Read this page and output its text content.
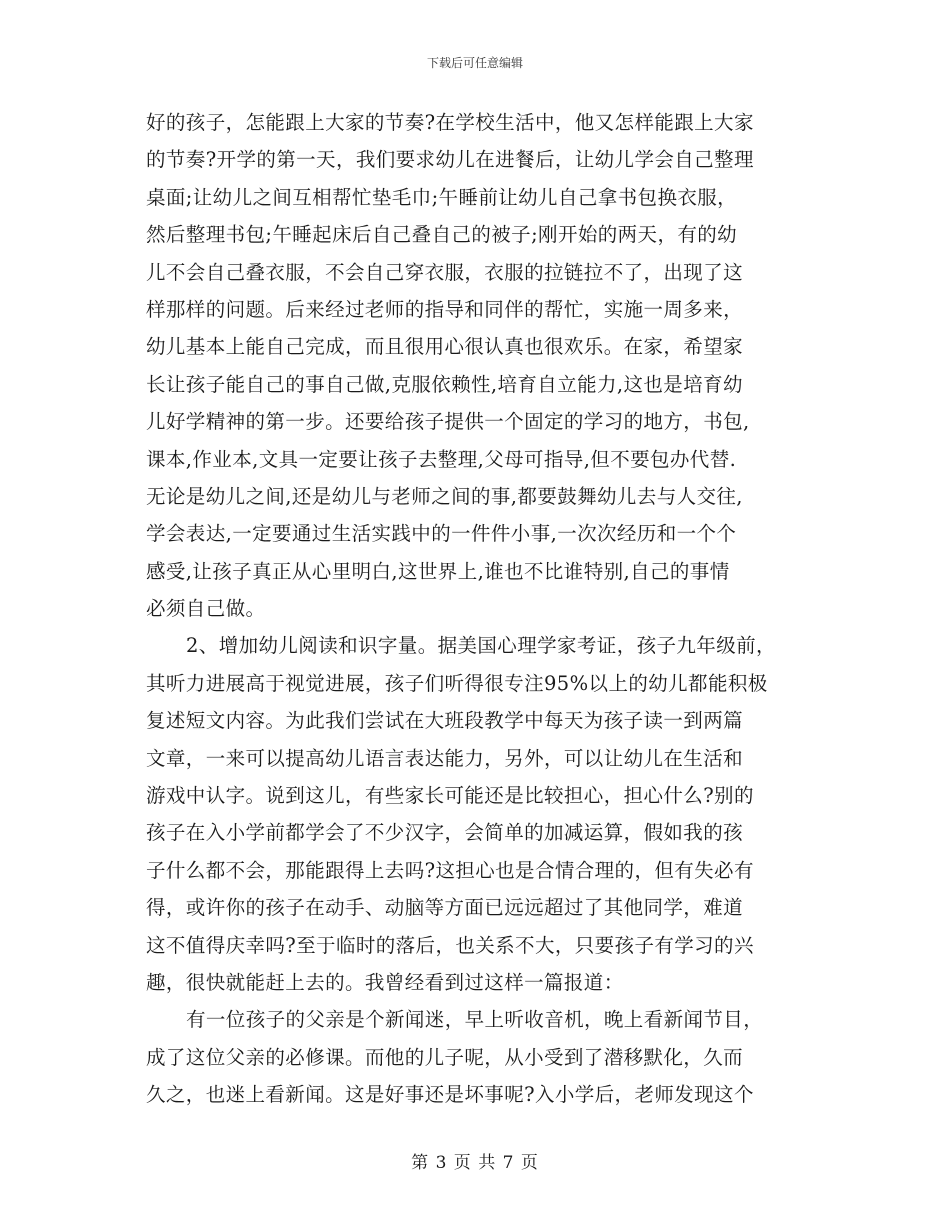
下载后可任意编辑
好的孩子，怎能跟上大家的节奏?在学校生活中，他又怎样能跟上大家
的节奏?开学的第一天，我们要求幼儿在进餐后，让幼儿学会自己整理
桌面;让幼儿之间互相帮忙垫毛巾;午睡前让幼儿自己拿书包换衣服，
然后整理书包;午睡起床后自己叠自己的被子;刚开始的两天，有的幼
儿不会自己叠衣服，不会自己穿衣服，衣服的拉链拉不了，出现了这
样那样的问题。后来经过老师的指导和同伴的帮忙，实施一周多来，
幼儿基本上能自己完成，而且很用心很认真也很欢乐。在家，希望家
长让孩子能自己的事自己做,克服依赖性,培育自立能力,这也是培育幼
儿好学精神的第一步。还要给孩子提供一个固定的学习的地方，书包,
课本,作业本,文具一定要让孩子去整理,父母可指导,但不要包办代替.
无论是幼儿之间,还是幼儿与老师之间的事,都要鼓舞幼儿去与人交往,
学会表达,一定要通过生活实践中的一件件小事,一次次经历和一个个
感受,让孩子真正从心里明白,这世界上,谁也不比谁特别,自己的事情
必须自己做。
2、增加幼儿阅读和识字量。据美国心理学家考证，孩子九年级前，
其听力进展高于视觉进展，孩子们听得很专注95%以上的幼儿都能积极
复述短文内容。为此我们尝试在大班段教学中每天为孩子读一到两篇
文章，一来可以提高幼儿语言表达能力，另外，可以让幼儿在生活和
游戏中认字。说到这儿，有些家长可能还是比较担心，担心什么?别的
孩子在入小学前都学会了不少汉字，会简单的加减运算，假如我的孩
子什么都不会，那能跟得上去吗?这担心也是合情合理的，但有失必有
得，或许你的孩子在动手、动脑等方面已远远超过了其他同学，难道
这不值得庆幸吗?至于临时的落后，也关系不大，只要孩子有学习的兴
趣，很快就能赶上去的。我曾经看到过这样一篇报道：
有一位孩子的父亲是个新闻迷，早上听收音机，晚上看新闻节目，
成了这位父亲的必修课。而他的儿子呢，从小受到了潜移默化，久而
久之，也迷上看新闻。这是好事还是坏事呢?入小学后，老师发现这个
第 3 页 共 7 页
